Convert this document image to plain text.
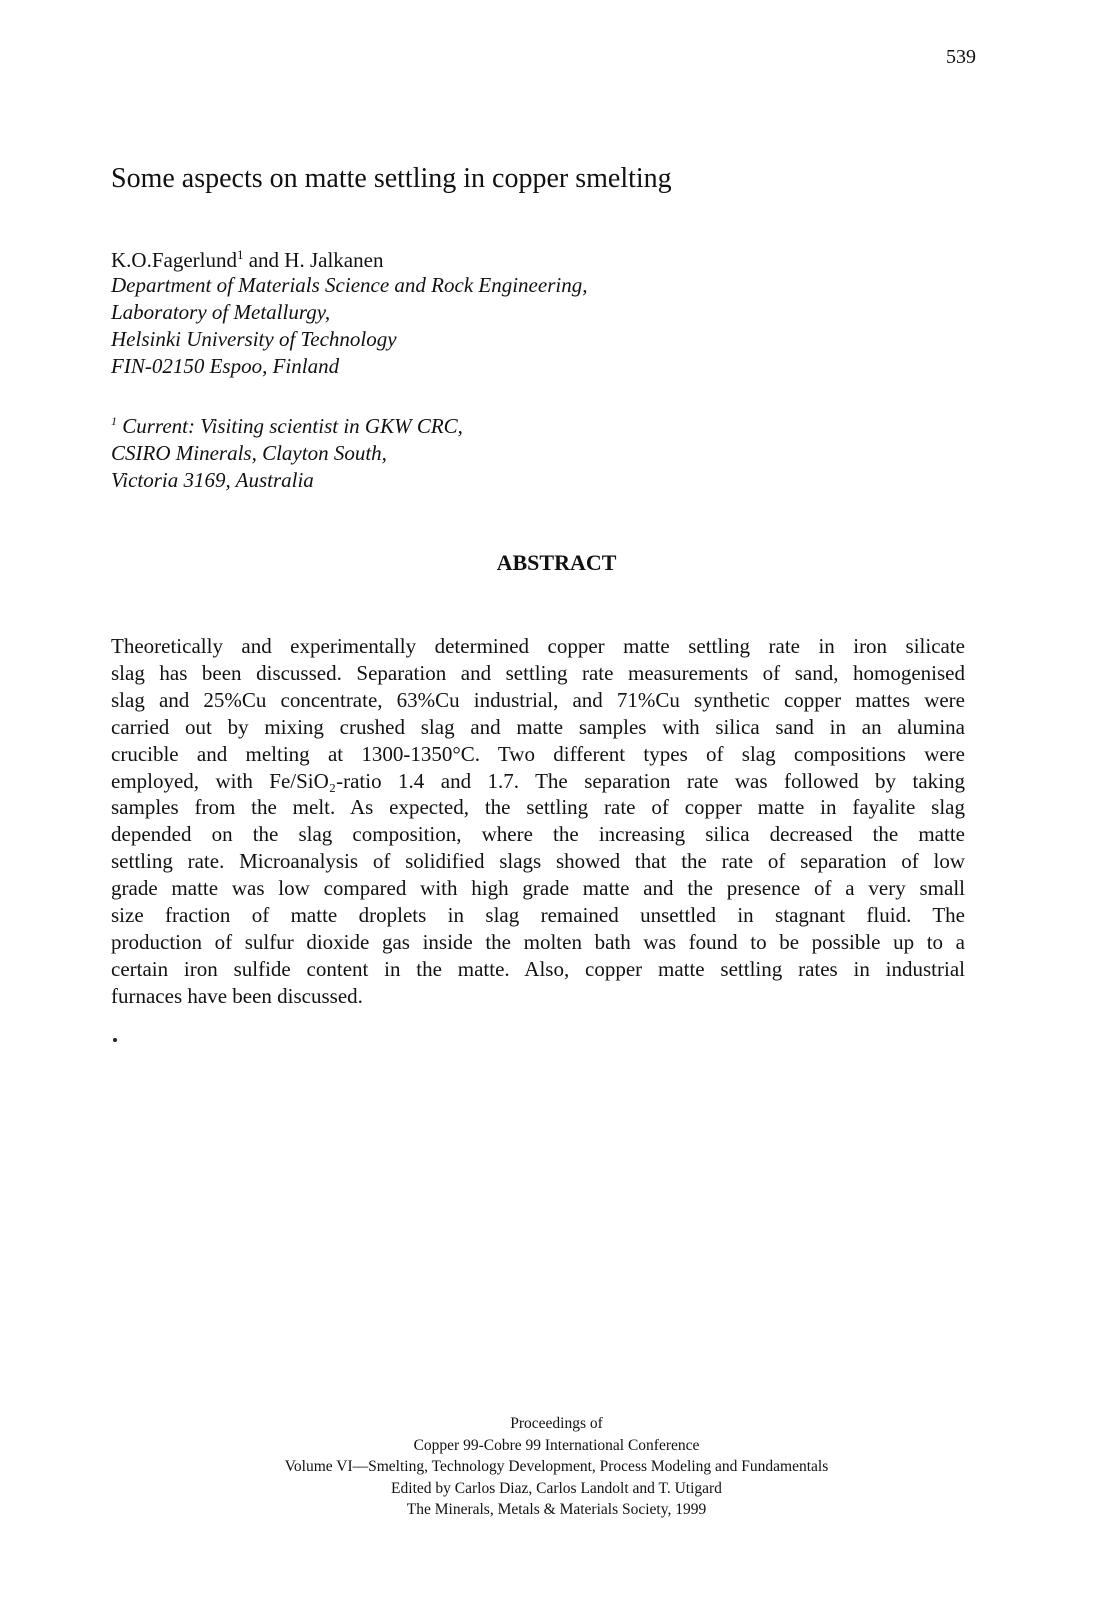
539
Some aspects on matte settling in copper smelting
K.O.Fagerlund$^1$ and H. Jalkanen
Department of Materials Science and Rock Engineering,
Laboratory of Metallurgy,
Helsinki University of Technology
FIN-02150 Espoo, Finland
$^1$ Current: Visiting scientist in GKW CRC,
CSIRO Minerals, Clayton South,
Victoria 3169, Australia
ABSTRACT
Theoretically and experimentally determined copper matte settling rate in iron silicate
slag has been discussed. Separation and settling rate measurements of sand, homogenised
slag and 25%Cu concentrate, 63%Cu industrial, and 71%Cu synthetic copper mattes were
carried out by mixing crushed slag and matte samples with silica sand in an alumina
crucible and melting at 1300-1350°C. Two different types of slag compositions were
employed, with Fe/SiO₂-ratio 1.4 and 1.7. The separation rate was followed by taking
samples from the melt. As expected, the settling rate of copper matte in fayalite slag
depended on the slag composition, where the increasing silica decreased the matte
settling rate. Microanalysis of solidified slags showed that the rate of separation of low
grade matte was low compared with high grade matte and the presence of a very small
size fraction of matte droplets in slag remained unsettled in stagnant fluid. The
production of sulfur dioxide gas inside the molten bath was found to be possible up to a
certain iron sulfide content in the matte. Also, copper matte settling rates in industrial
furnaces have been discussed.
Proceedings of
Copper 99-Cobre 99 International Conference
Volume VI—Smelting, Technology Development, Process Modeling and Fundamentals
Edited by Carlos Diaz, Carlos Landolt and T. Utigard
The Minerals, Metals & Materials Society, 1999
